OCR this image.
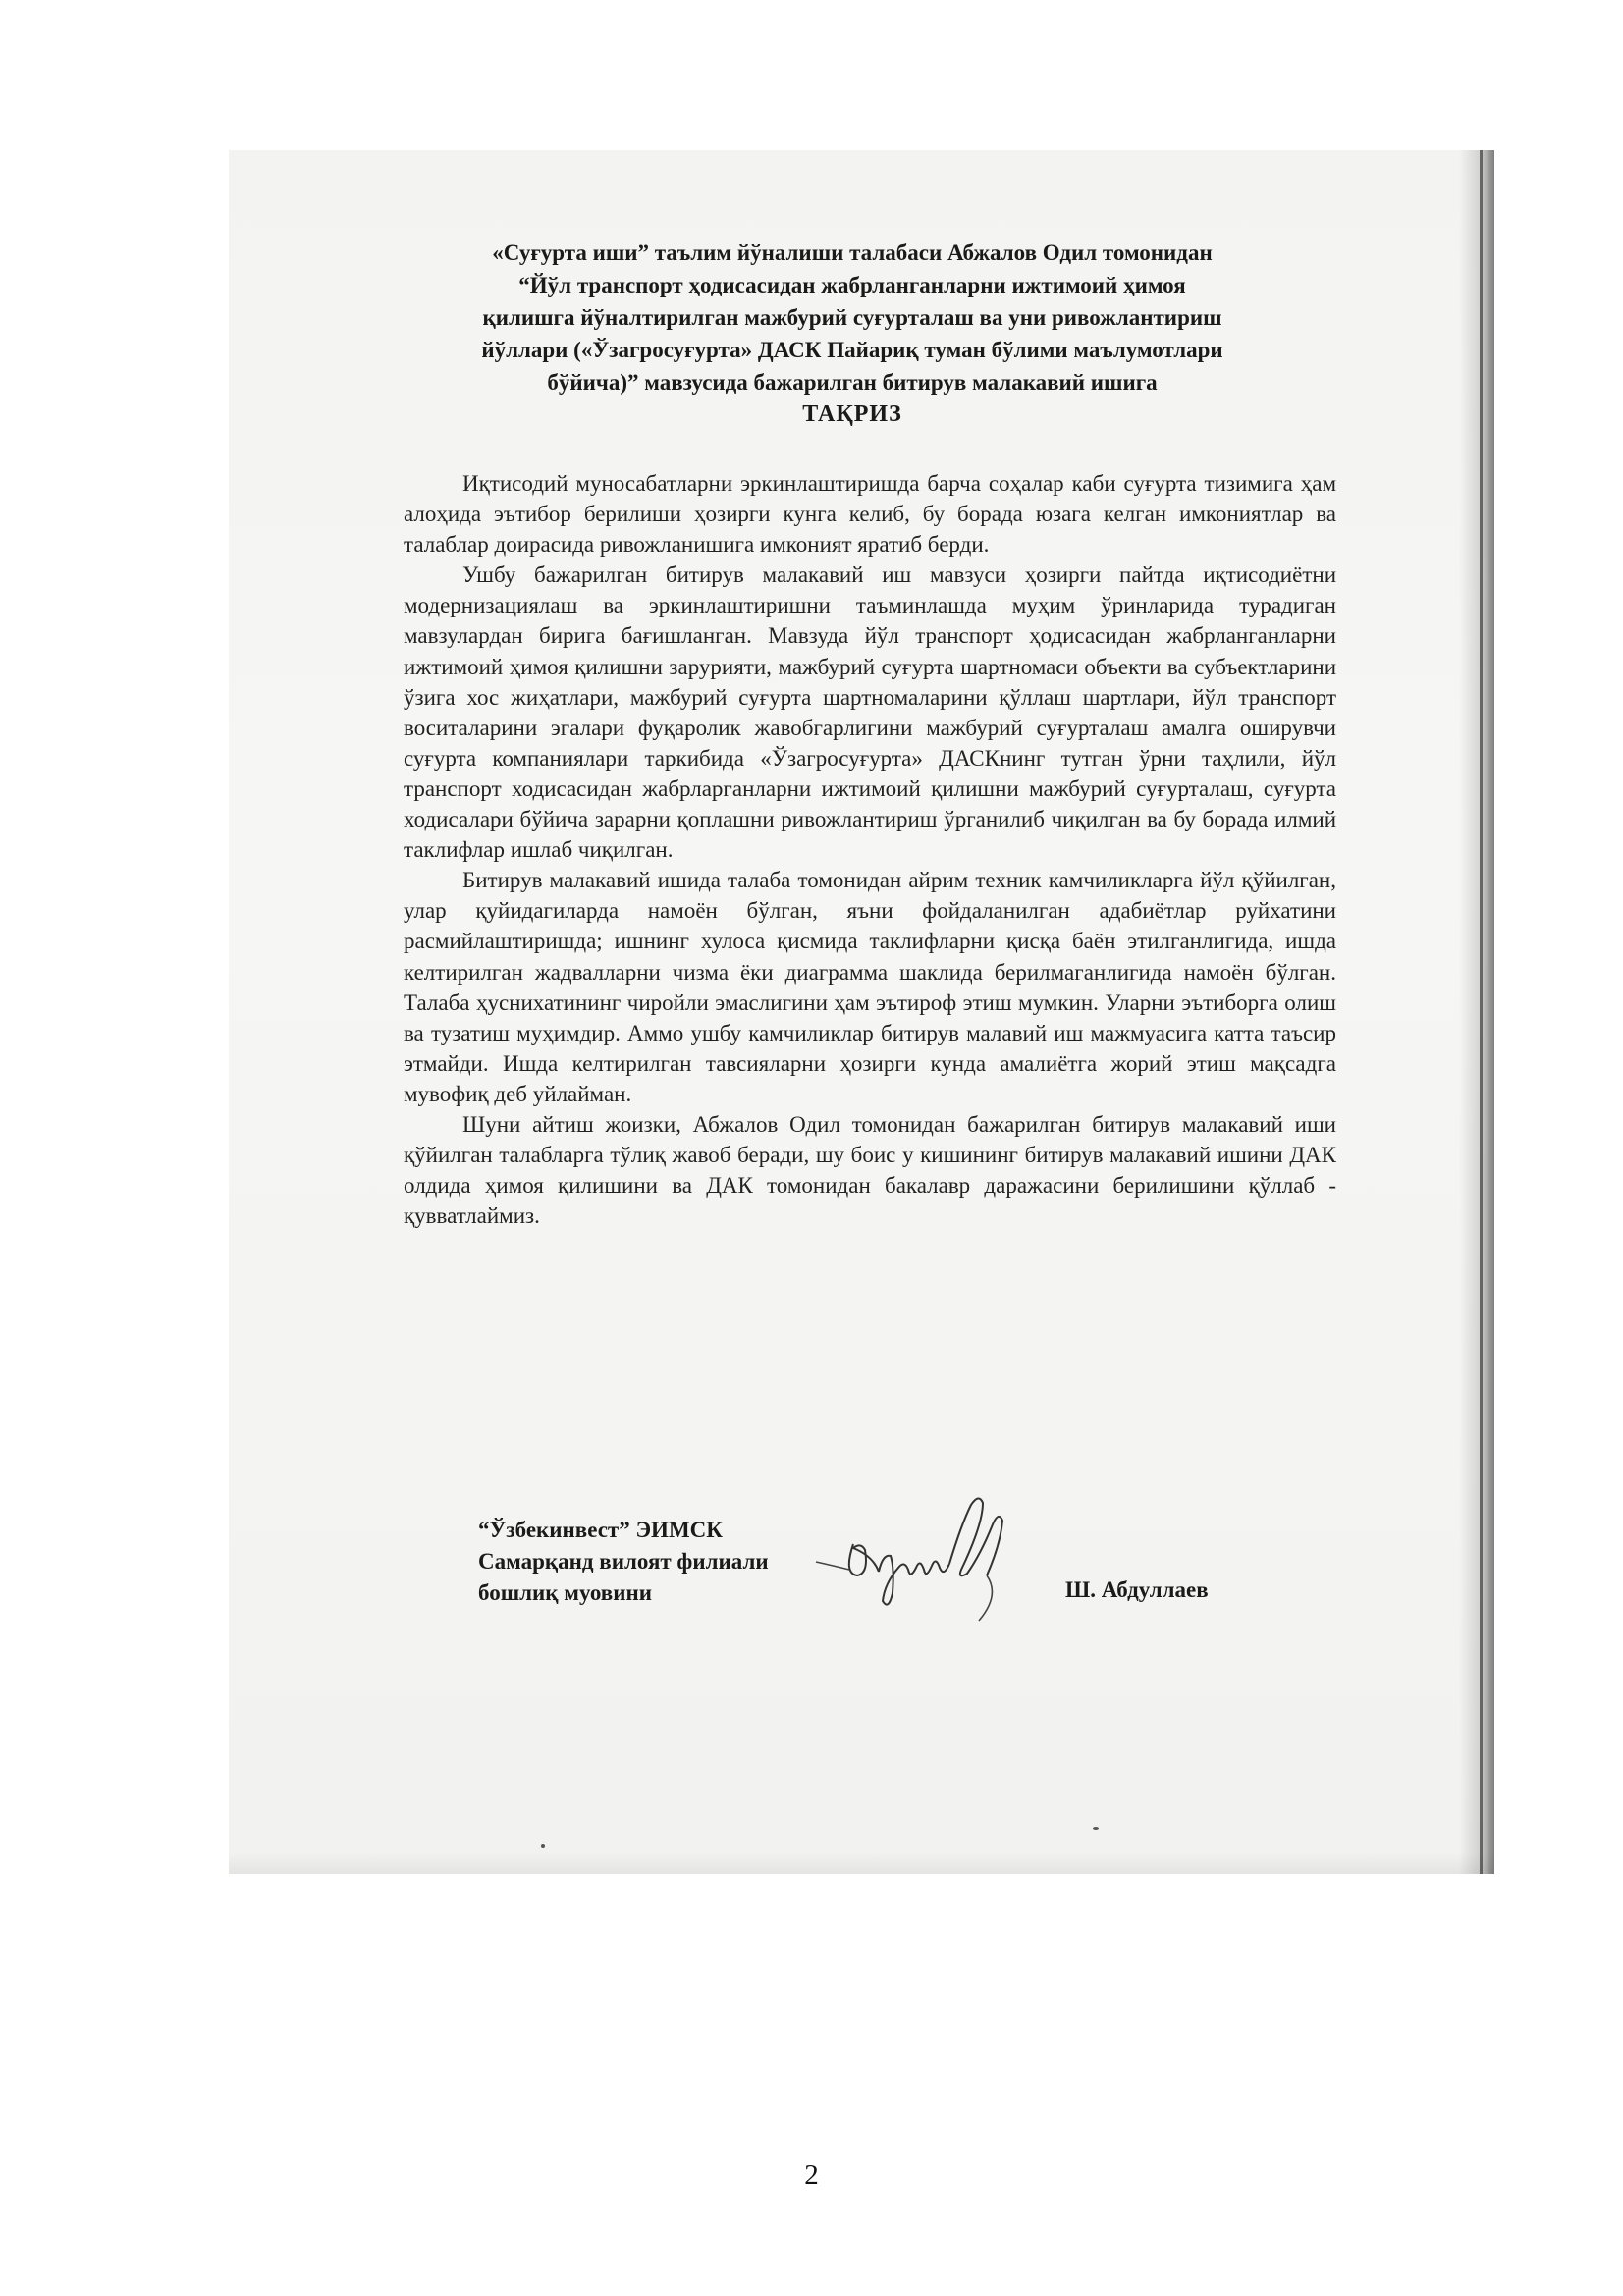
«Суғурта иши” таълим йўналиши талабаси Абжалов Одил томонидан
“Йўл транспорт ҳодисасидан жабрланганларни ижтимоий ҳимоя
қилишга йўналтирилган мажбурий суғурталаш ва уни ривожлантириш
йўллари («Ўзагросуғурта» ДАСК Пайариқ туман бўлими маълумотлари
бўйича)” мавзусида бажарилган битирув малакавий ишига
ТАҚРИЗ

Иқтисодий муносабатларни эркинлаштиришда барча соҳалар каби суғурта тизимига ҳам алоҳида эътибор берилиши ҳозирги кунга келиб, бу борада юзага келган имкониятлар ва талаблар доирасида ривожланишига имконият яратиб берди.

Ушбу бажарилган битирув малакавий иш мавзуси ҳозирги пайтда иқтисодиётни модернизациялаш ва эркинлаштиришни таъминлашда муҳим ўринларида турадиган мавзулардан бирига бағишланган. Мавзуда йўл транспорт ҳодисасидан жабрланганларни ижтимоий ҳимоя қилишни зарурияти, мажбурий суғурта шартномаси объекти ва субъектларини ўзига хос жиҳатлари, мажбурий суғурта шартномаларини қўллаш шартлари, йўл транспорт воситаларини эгалари фуқаролик жавобгарлигини мажбурий суғурталаш амалга оширувчи суғурта компаниялари таркибида «Ўзагросуғурта» ДАСКнинг тутган ўрни таҳлили, йўл транспорт ходисасидан жабрларганларни ижтимоий қилишни мажбурий суғурталаш, суғурта ходисалари бўйича зарарни қоплашни ривожлантириш ўрганилиб чиқилган ва бу борада илмий таклифлар ишлаб чиқилган.

Битирув малакавий ишида талаба томонидан айрим техник камчиликларга йўл қўйилган, улар қуйидагиларда намоён бўлган, яъни фойдаланилган адабиётлар руйхатини расмийлаштиришда; ишнинг хулоса қисмида таклифларни қисқа баён этилганлигида, ишда келтирилган жадвалларни чизма ёки диаграмма шаклида берилмаганлигида намоён бўлган. Талаба ҳуснихатининг чиройли эмаслигини ҳам эътироф этиш мумкин. Уларни эътиборга олиш ва тузатиш муҳимдир. Аммо ушбу камчиликлар битирув малавий иш мажмуасига катта таъсир этмайди. Ишда келтирилган тавсияларни ҳозирги кунда амалиётга жорий этиш мақсадга мувофиқ деб уйлайман.

Шуни айтиш жоизки, Абжалов Одил томонидан бажарилган битирув малакавий иши қўйилган талабларга тўлиқ жавоб беради, шу боис у кишининг битирув малакавий ишини ДАК олдида ҳимоя қилишини ва ДАК томонидан бакалавр даражасини берилишини қўллаб - қувватлаймиз.

“Ўзбекинвест” ЭИМСК
Самарқанд вилоят филиали
бошлиқ муовини	Ш. Абдуллаев
2
